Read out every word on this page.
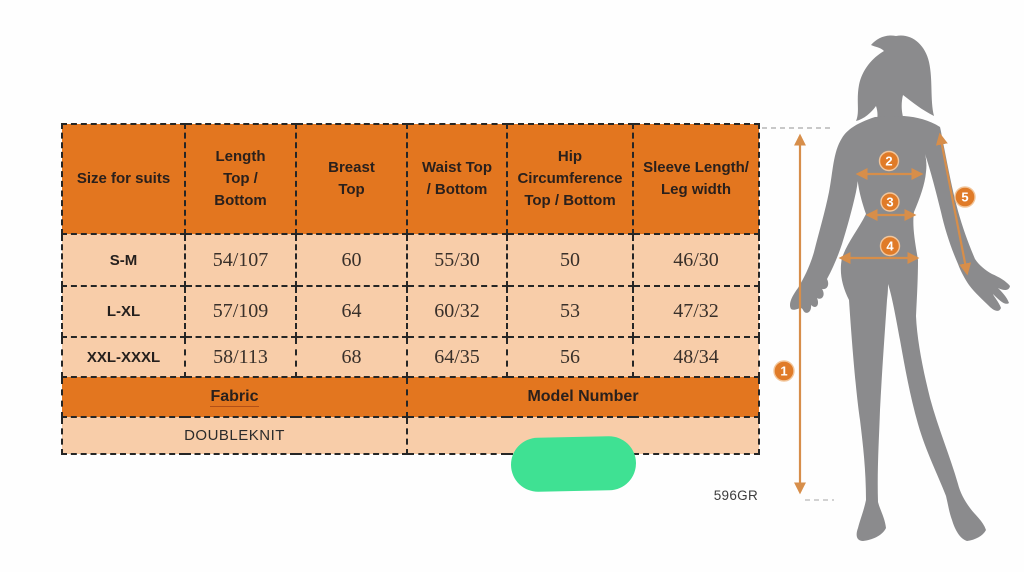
Size for suits	Length Top / Bottom	Breast Top	Waist Top / Bottom	Hip Circumference Top / Bottom	Sleeve Length/ Leg width
S-M	54/107	60	55/30	50	46/30
L-XL	57/109	64	60/32	53	47/32
XXL-XXXL	58/113	68	64/35	56	48/34
Fabric			Model Number		
DOUBLEKNIT					
596GR
1
2
3
4
5
